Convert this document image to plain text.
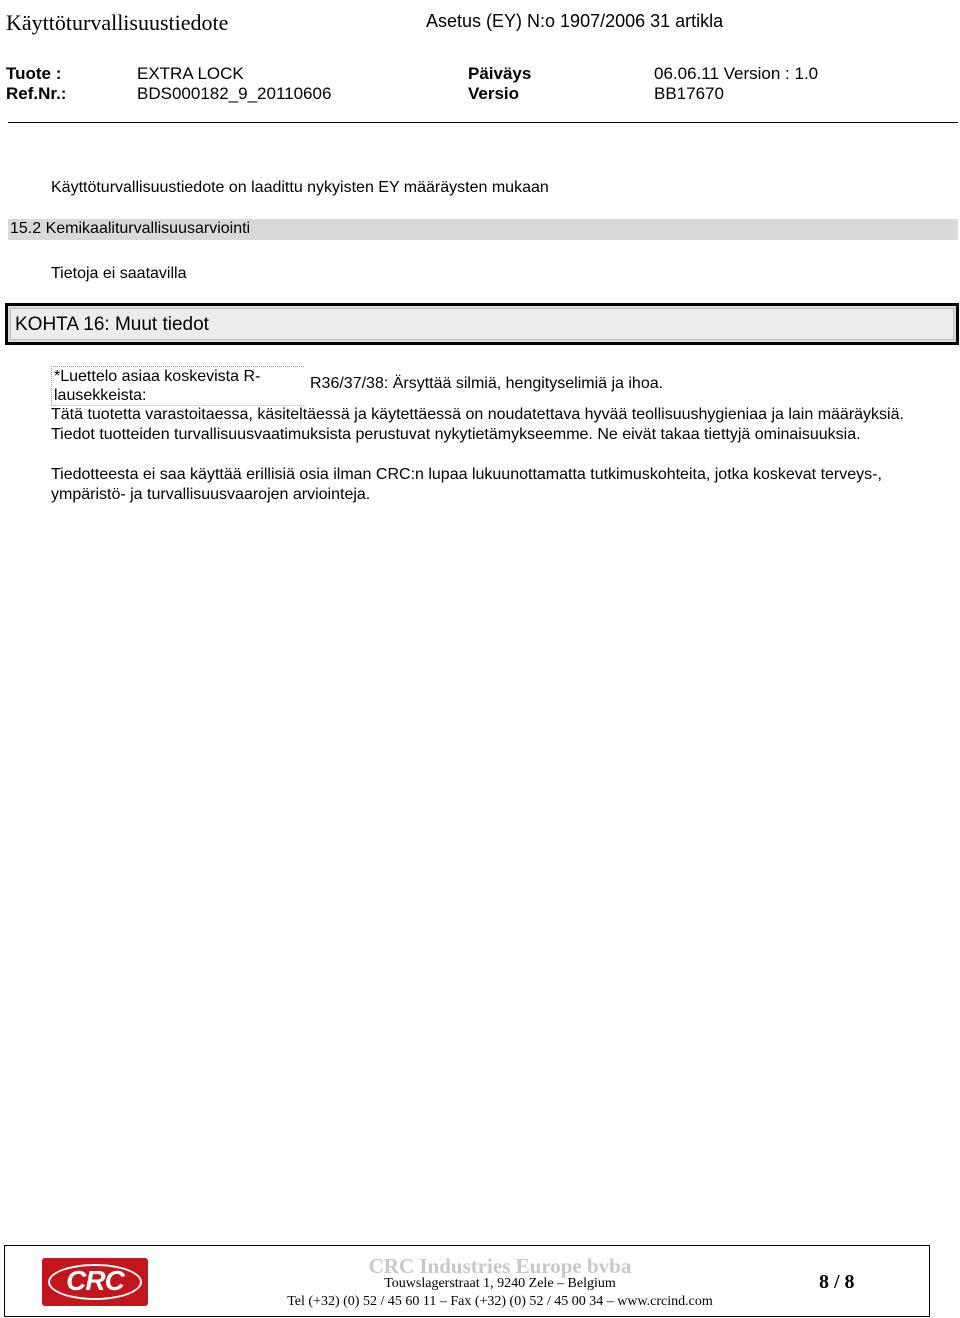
Käyttöturvallisuustiedote	Asetus (EY) N:o 1907/2006 31 artikla
Tuote :	EXTRA LOCK	Päiväys	06.06.11 Version : 1.0
Ref.Nr.:	BDS000182_9_20110606	Versio	BB17670
Käyttöturvallisuustiedote on laadittu nykyisten EY määräysten mukaan
15.2 Kemikaaliturvallisuusarviointi
Tietoja ei saatavilla
KOHTA 16: Muut tiedot
*Luettelo asiaa koskevista R-lausekkeista:
R36/37/38: Ärsyttää silmiä, hengityselimiä ja ihoa.
Tätä tuotetta varastoitaessa, käsiteltäessä ja käytettäessä on noudatettava hyvää teollisuushygieniaa ja lain määräyksiä. Tiedot tuotteiden turvallisuusvaatimuksista perustuvat nykytietämykseemme. Ne eivät takaa tiettyjä ominaisuuksia.
Tiedotteesta ei saa käyttää erillisiä osia ilman CRC:n lupaa lukuunottamatta tutkimuskohteita, jotka koskevat terveys-, ympäristö- ja turvallisuusvaarojen arviointeja.
CRC	CRC Industries Europe bvba
Touwslagerstraat 1, 9240 Zele – Belgium
Tel (+32) (0) 52 / 45 60 11 – Fax (+32) (0) 52 / 45 00 34 – www.crcind.com
8 / 8
